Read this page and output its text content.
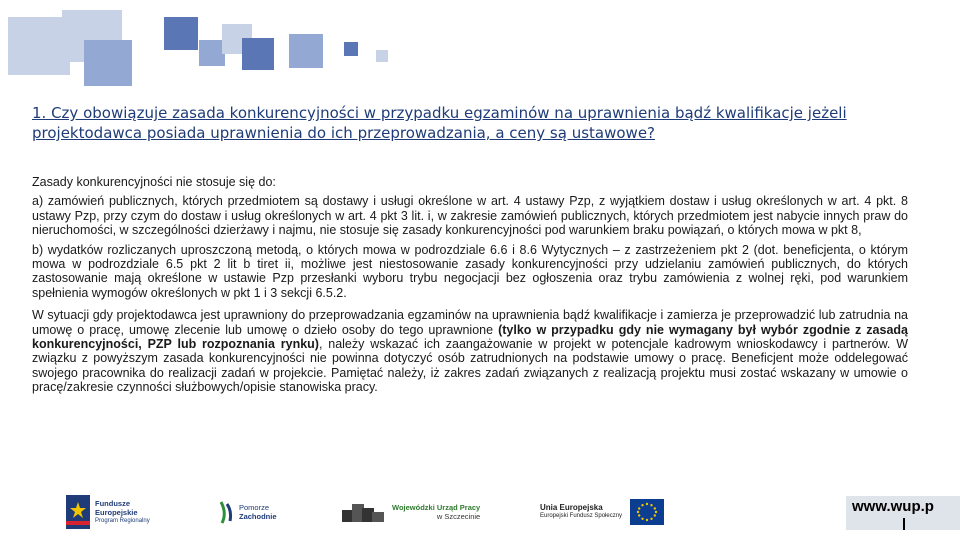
1. Czy obowiązuje zasada konkurencyjności w przypadku egzaminów na uprawnienia bądź kwalifikacje jeżeli projektodawca posiada uprawnienia do ich przeprowadzania, a ceny są ustawowe?

Zasady konkurencyjności nie stosuje się do:

a) zamówień publicznych, których przedmiotem są dostawy i usługi określone w art. 4 ustawy Pzp, z wyjątkiem dostaw i usług określonych w art. 4 pkt. 8 ustawy Pzp, przy czym do dostaw i usług określonych w art. 4 pkt 3 lit. i, w zakresie zamówień publicznych, których przedmiotem jest nabycie innych praw do nieruchomości, w szczególności dzierżawy i najmu, nie stosuje się zasady konkurencyjności pod warunkiem braku powiązań, o których mowa w pkt 8,

b) wydatków rozliczanych uproszczoną metodą, o których mowa w podrozdziale 6.6 i 8.6 Wytycznych – z zastrzeżeniem pkt 2 (dot. beneficjenta, o którym mowa w podrozdziale 6.5 pkt 2 lit b tiret ii, możliwe jest niestosowanie zasady konkurencyjności przy udzielaniu zamówień publicznych, do których zastosowanie mają określone w ustawie Pzp przesłanki wyboru trybu negocjacji bez ogłoszenia oraz trybu zamówienia z wolnej ręki, pod warunkiem spełnienia wymogów określonych w pkt 1 i 3 sekcji 6.5.2.

W sytuacji gdy projektodawca jest uprawniony do przeprowadzania egzaminów na uprawnienia bądź kwalifikacje i zamierza je przeprowadzić lub zatrudnia na umowę o pracę, umowę zlecenie lub umowę o dzieło osoby do tego uprawnione (tylko w przypadku gdy nie wymagany był wybór zgodnie z zasadą konkurencyjności, PZP lub rozpoznania rynku), należy wskazać ich zaangażowanie w projekt w potencjale kadrowym wnioskodawcy i partnerów. W związku z powyższym zasada konkurencyjności nie powinna dotyczyć osób zatrudnionych na podstawie umowy o pracę. Beneficjent może oddelegować swojego pracownika do realizacji zadań w projekcie. Pamiętać należy, iż zakres zadań związanych z realizacją projektu musi zostać wskazany w umowie o pracę/zakresie czynności służbowych/opisie stanowiska pracy.

Fundusze
Europejskie
Program Regionalny
Pomorze
Zachodnie
Wojewódzki Urząd Pracy
w Szczecinie
Unia Europejska
Europejski Fundusz Społeczny
www.wup.p
